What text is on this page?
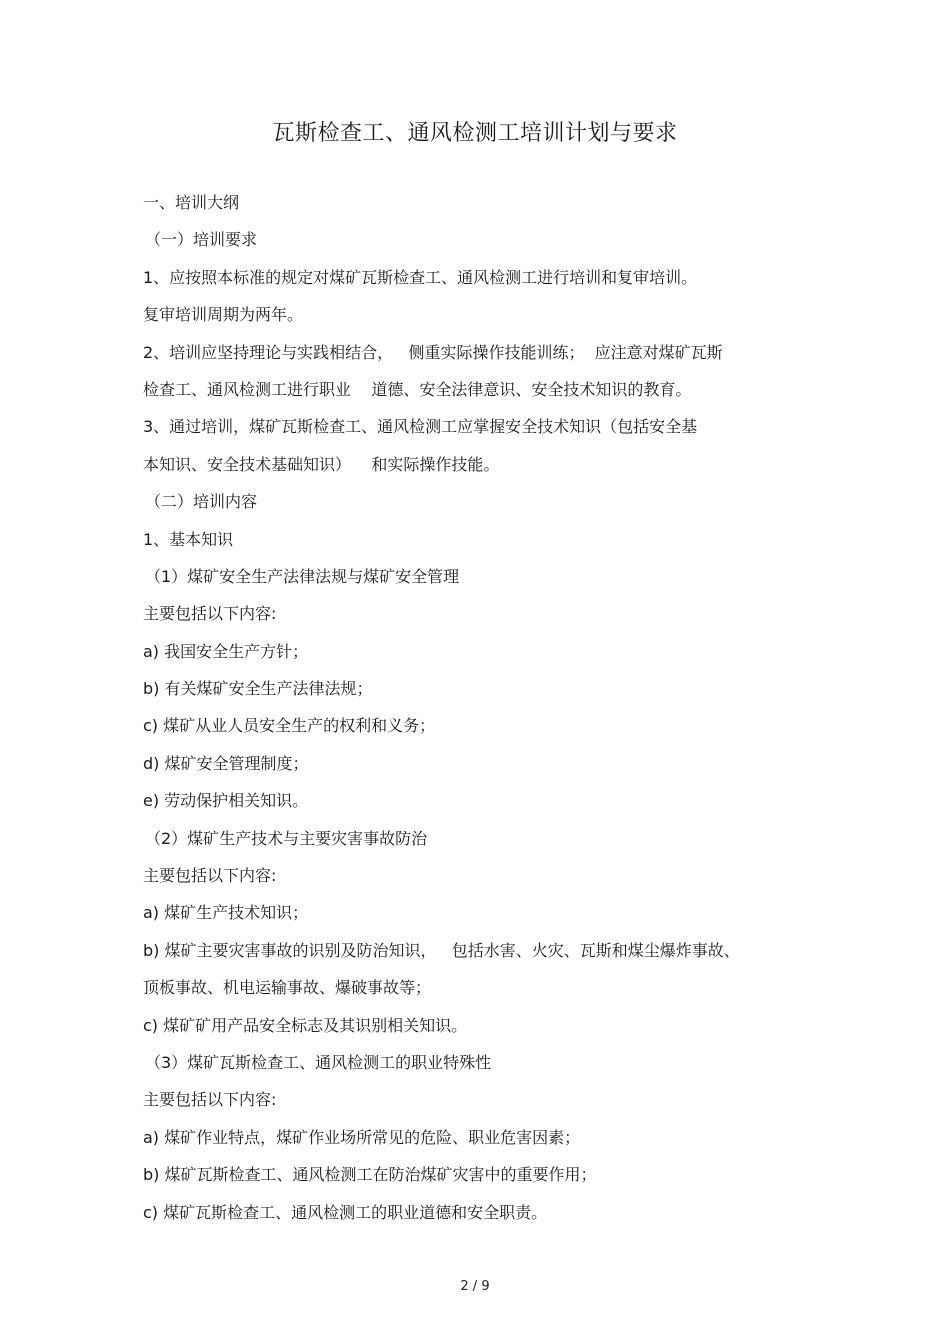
瓦斯检查工、通风检测工培训计划与要求
一、培训大纲
（一）培训要求
1、应按照本标准的规定对煤矿瓦斯检查工、通风检测工进行培训和复审培训。
复审培训周期为两年。
2、培训应坚持理论与实践相结合，   侧重实际操作技能训练；  应注意对煤矿瓦斯
检查工、通风检测工进行职业    道德、安全法律意识、安全技术知识的教育。
3、通过培训，煤矿瓦斯检查工、通风检测工应掌握安全技术知识（包括安全基
本知识、安全技术基础知识）    和实际操作技能。
（二）培训内容
1、基本知识
（1）煤矿安全生产法律法规与煤矿安全管理
主要包括以下内容:
a) 我国安全生产方针；
b) 有关煤矿安全生产法律法规；
c) 煤矿从业人员安全生产的权利和义务；
d) 煤矿安全管理制度；
e) 劳动保护相关知识。
（2）煤矿生产技术与主要灾害事故防治
主要包括以下内容:
a) 煤矿生产技术知识；
b) 煤矿主要灾害事故的识别及防治知识，   包括水害、火灾、瓦斯和煤尘爆炸事故、
顶板事故、机电运输事故、爆破事故等；
c) 煤矿矿用产品安全标志及其识别相关知识。
（3）煤矿瓦斯检查工、通风检测工的职业特殊性
主要包括以下内容:
a) 煤矿作业特点，煤矿作业场所常见的危险、职业危害因素；
b) 煤矿瓦斯检查工、通风检测工在防治煤矿灾害中的重要作用；
c) 煤矿瓦斯检查工、通风检测工的职业道德和安全职责。
2 / 9
